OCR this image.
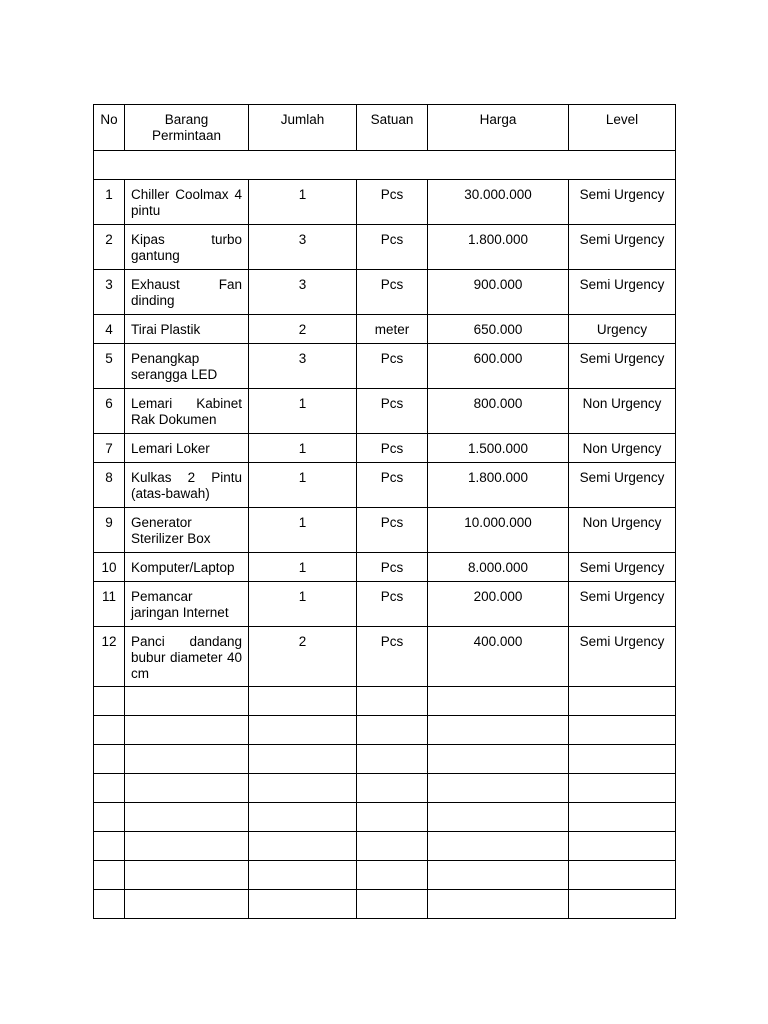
No	Barang Permintaan	Jumlah	Satuan	Harga	Level

1	Chiller Coolmax 4 pintu	1	Pcs	30.000.000	Semi Urgency
2	Kipas turbo gantung	3	Pcs	1.800.000	Semi Urgency
3	Exhaust Fan dinding	3	Pcs	900.000	Semi Urgency
4	Tirai Plastik	2	meter	650.000	Urgency
5	Penangkap serangga LED	3	Pcs	600.000	Semi Urgency
6	Lemari Kabinet Rak Dokumen	1	Pcs	800.000	Non Urgency
7	Lemari Loker	1	Pcs	1.500.000	Non Urgency
8	Kulkas 2 Pintu (atas-bawah)	1	Pcs	1.800.000	Semi Urgency
9	Generator Sterilizer Box	1	Pcs	10.000.000	Non Urgency
10	Komputer/Laptop	1	Pcs	8.000.000	Semi Urgency
11	Pemancar jaringan Internet	1	Pcs	200.000	Semi Urgency
12	Panci dandang bubur diameter 40 cm	2	Pcs	400.000	Semi Urgency
